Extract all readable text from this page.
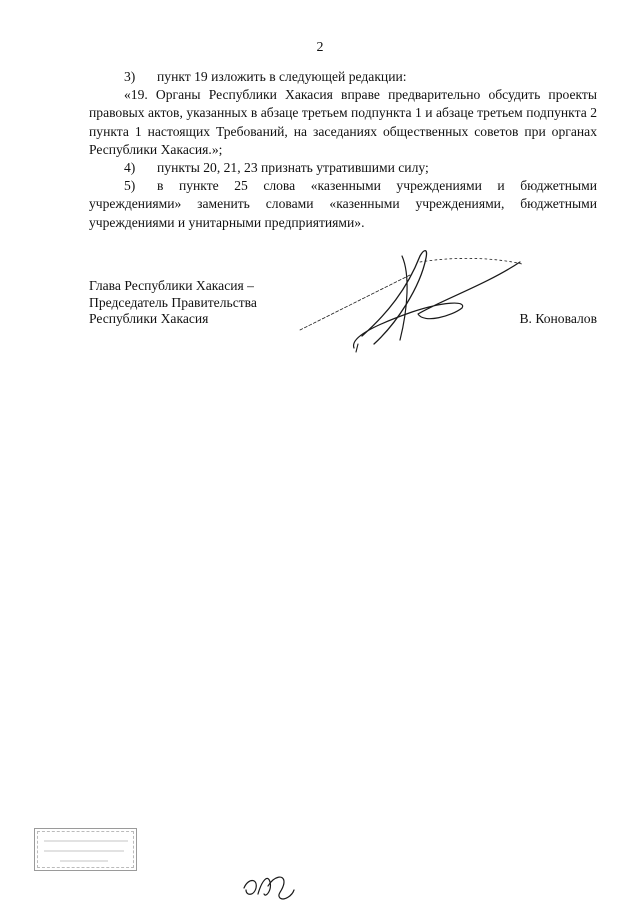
2

3) пункт 19 изложить в следующей редакции:

«19. Органы Республики Хакасия вправе предварительно обсудить проекты правовых актов, указанных в абзаце третьем подпункта 1 и абзаце третьем подпункта 2 пункта 1 настоящих Требований, на заседаниях общественных советов при органах Республики Хакасия.»;

4) пункты 20, 21, 23 признать утратившими силу;

5) в пункте 25 слова «казенными учреждениями и бюджетными учреждениями» заменить словами «казенными учреждениями, бюджетными учреждениями и унитарными предприятиями».

Глава Республики Хакасия –
Председатель Правительства
Республики Хакасия	В. Коновалов
